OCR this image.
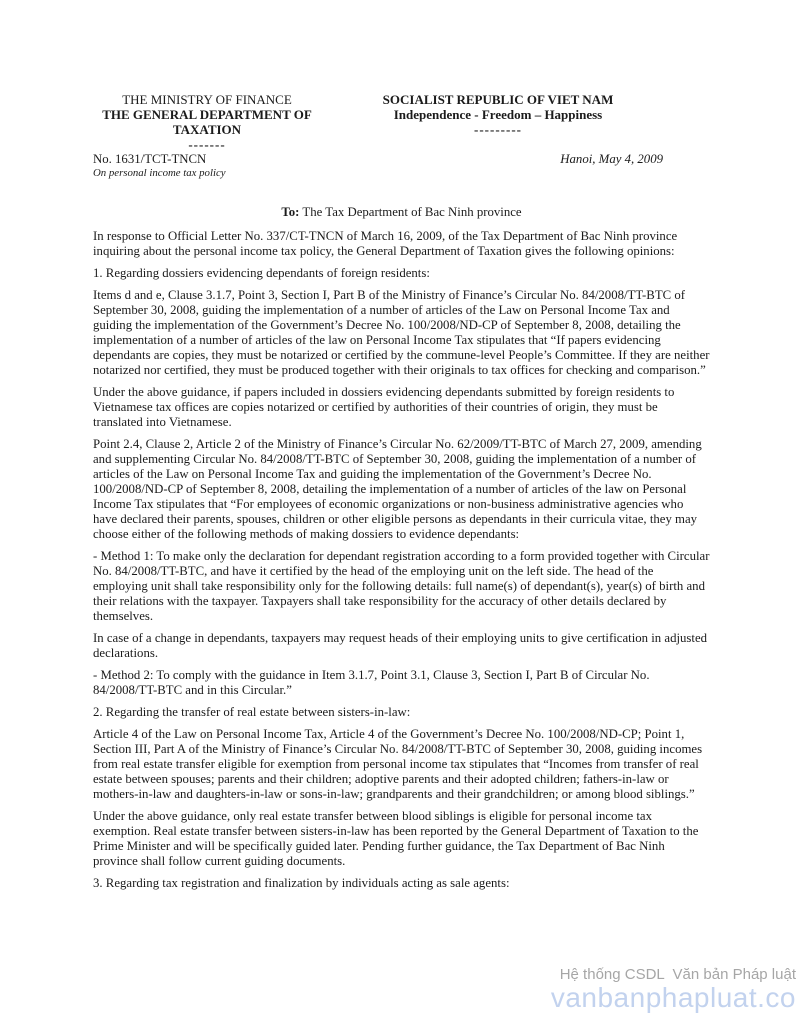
THE MINISTRY OF FINANCE
THE GENERAL DEPARTMENT OF TAXATION
-------
SOCIALIST REPUBLIC OF VIET NAM
Independence - Freedom – Happiness
---------
No. 1631/TCT-TNCN	Hanoi, May 4, 2009
On personal income tax policy
To: The Tax Department of Bac Ninh province

In response to Official Letter No. 337/CT-TNCN of March 16, 2009, of the Tax Department of Bac Ninh province inquiring about the personal income tax policy, the General Department of Taxation gives the following opinions:

1. Regarding dossiers evidencing dependants of foreign residents:

Items d and e, Clause 3.1.7, Point 3, Section I, Part B of the Ministry of Finance’s Circular No. 84/2008/TT-BTC of September 30, 2008, guiding the implementation of a number of articles of the Law on Personal Income Tax and guiding the implementation of the Government’s Decree No. 100/2008/ND-CP of September 8, 2008, detailing the implementation of a number of articles of the law on Personal Income Tax stipulates that “If papers evidencing dependants are copies, they must be notarized or certified by the commune-level People’s Committee. If they are neither notarized nor certified, they must be produced together with their originals to tax offices for checking and comparison.”

Under the above guidance, if papers included in dossiers evidencing dependants submitted by foreign residents to Vietnamese tax offices are copies notarized or certified by authorities of their countries of origin, they must be translated into Vietnamese.

Point 2.4, Clause 2, Article 2 of the Ministry of Finance’s Circular No. 62/2009/TT-BTC of March 27, 2009, amending and supplementing Circular No. 84/2008/TT-BTC of September 30, 2008, guiding the implementation of a number of articles of the Law on Personal Income Tax and guiding the implementation of the Government’s Decree No. 100/2008/ND-CP of September 8, 2008, detailing the implementation of a number of articles of the law on Personal Income Tax stipulates that “For employees of economic organizations or non-business administrative agencies who have declared their parents, spouses, children or other eligible persons as dependants in their curricula vitae, they may choose either of the following methods of making dossiers to evidence dependants:

- Method 1: To make only the declaration for dependant registration according to a form provided together with Circular No. 84/2008/TT-BTC, and have it certified by the head of the employing unit on the left side. The head of the employing unit shall take responsibility only for the following details: full name(s) of dependant(s), year(s) of birth and their relations with the taxpayer. Taxpayers shall take responsibility for the accuracy of other details declared by themselves.

In case of a change in dependants, taxpayers may request heads of their employing units to give certification in adjusted declarations.

- Method 2: To comply with the guidance in Item 3.1.7, Point 3.1, Clause 3, Section I, Part B of Circular No. 84/2008/TT-BTC and in this Circular.”

2. Regarding the transfer of real estate between sisters-in-law:

Article 4 of the Law on Personal Income Tax, Article 4 of the Government’s Decree No. 100/2008/ND-CP; Point 1, Section III, Part A of the Ministry of Finance’s Circular No. 84/2008/TT-BTC of September 30, 2008, guiding incomes from real estate transfer eligible for exemption from personal income tax stipulates that “Incomes from transfer of real estate between spouses; parents and their children; adoptive parents and their adopted children; fathers-in-law or mothers-in-law and daughters-in-law or sons-in-law; grandparents and their grandchildren; or among blood siblings.”

Under the above guidance, only real estate transfer between blood siblings is eligible for personal income tax exemption. Real estate transfer between sisters-in-law has been reported by the General Department of Taxation to the Prime Minister and will be specifically guided later. Pending further guidance, the Tax Department of Bac Ninh province shall follow current guiding documents.

3. Regarding tax registration and finalization by individuals acting as sale agents:

Hệ thống CSDL  Văn bản Pháp luật
vanbanphapluat.co
